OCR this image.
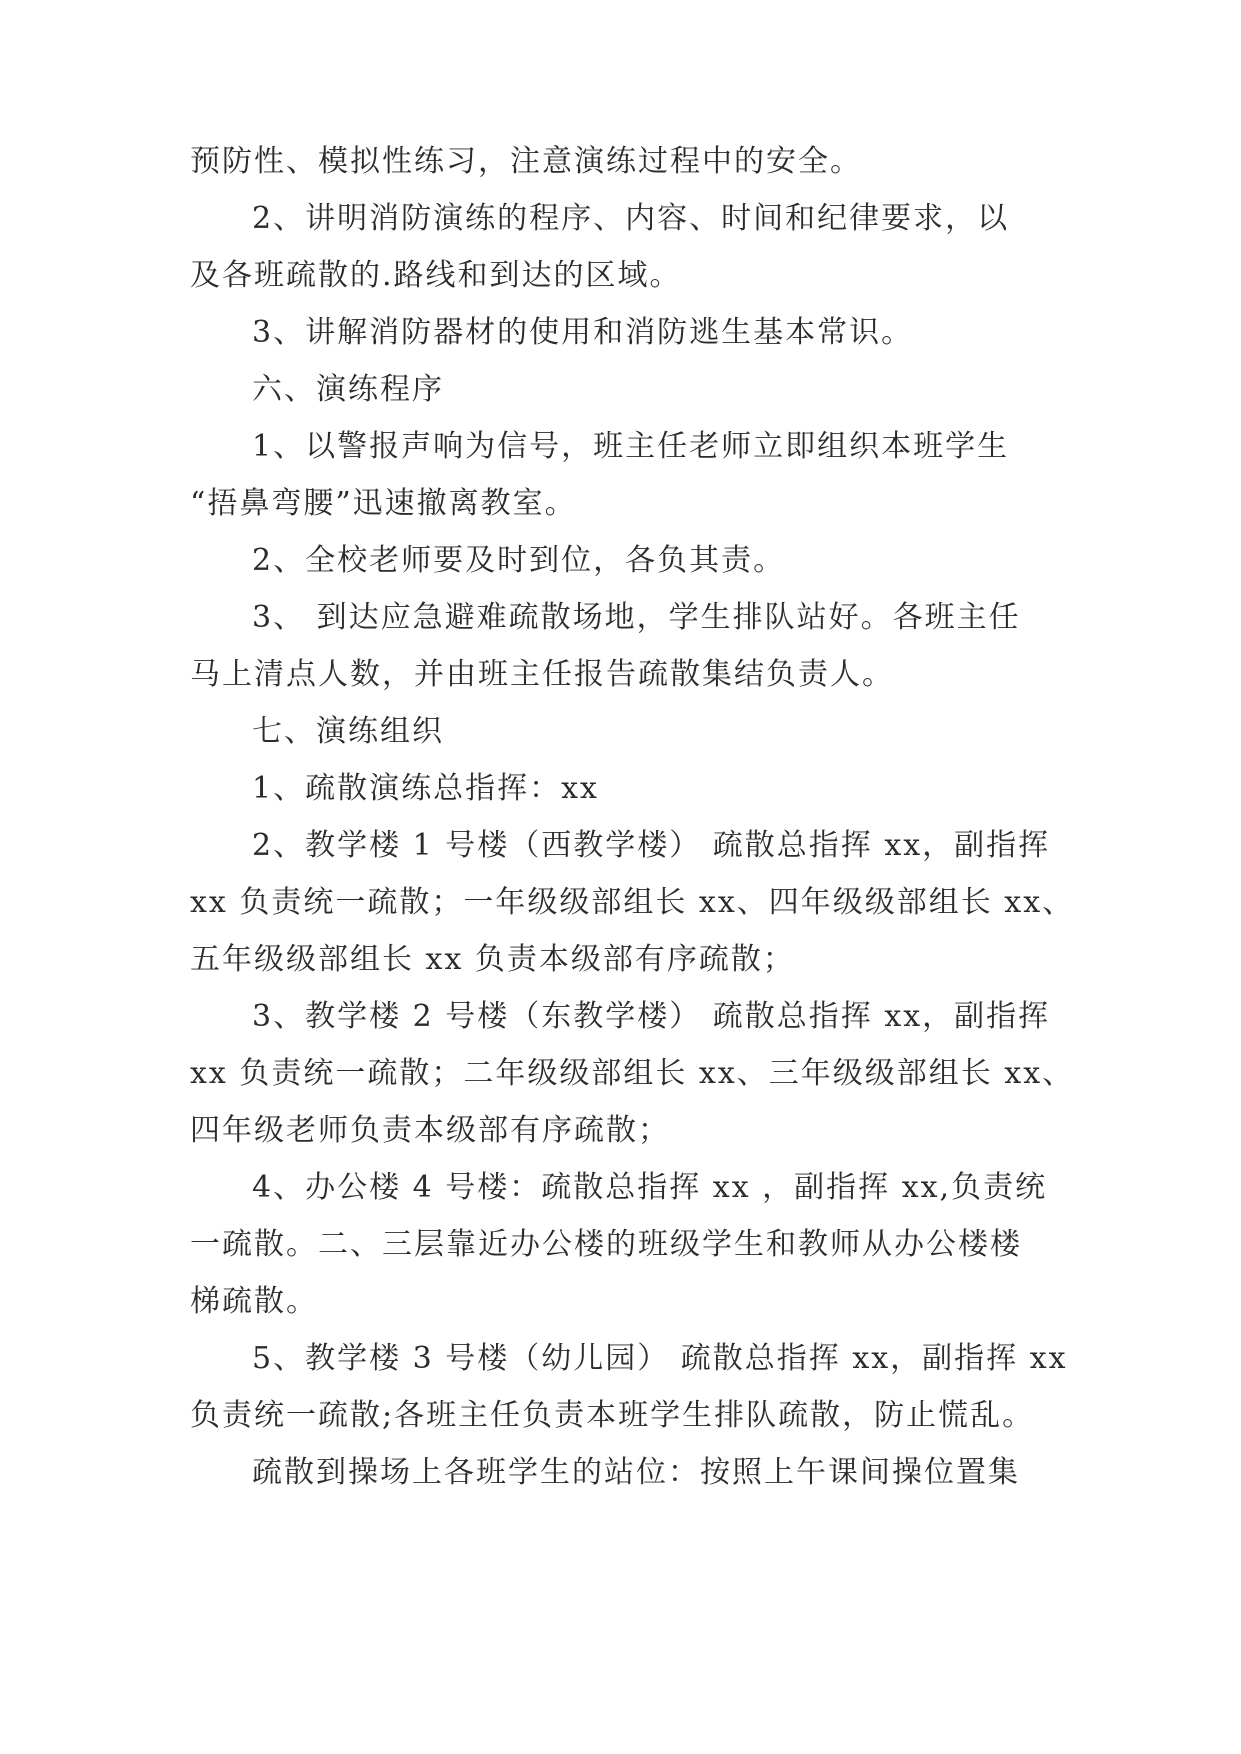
预防性、模拟性练习，注意演练过程中的安全。

2、讲明消防演练的程序、内容、时间和纪律要求，以

及各班疏散的.路线和到达的区域。

3、讲解消防器材的使用和消防逃生基本常识。

六、演练程序

1、以警报声响为信号，班主任老师立即组织本班学生

“捂鼻弯腰”迅速撤离教室。

2、全校老师要及时到位，各负其责。

3、 到达应急避难疏散场地，学生排队站好。各班主任

马上清点人数，并由班主任报告疏散集结负责人。

七、演练组织

1、疏散演练总指挥：xx

2、教学楼 1 号楼（西教学楼） 疏散总指挥 xx，副指挥

xx 负责统一疏散；一年级级部组长 xx、四年级级部组长 xx、

五年级级部组长 xx 负责本级部有序疏散；

3、教学楼 2 号楼（东教学楼） 疏散总指挥 xx，副指挥

xx 负责统一疏散；二年级级部组长 xx、三年级级部组长 xx、

四年级老师负责本级部有序疏散；

4、办公楼 4 号楼：疏散总指挥 xx ，副指挥 xx,负责统

一疏散。二、三层靠近办公楼的班级学生和教师从办公楼楼

梯疏散。

5、教学楼 3 号楼（幼儿园） 疏散总指挥 xx，副指挥 xx

负责统一疏散;各班主任负责本班学生排队疏散，防止慌乱。

疏散到操场上各班学生的站位：按照上午课间操位置集
